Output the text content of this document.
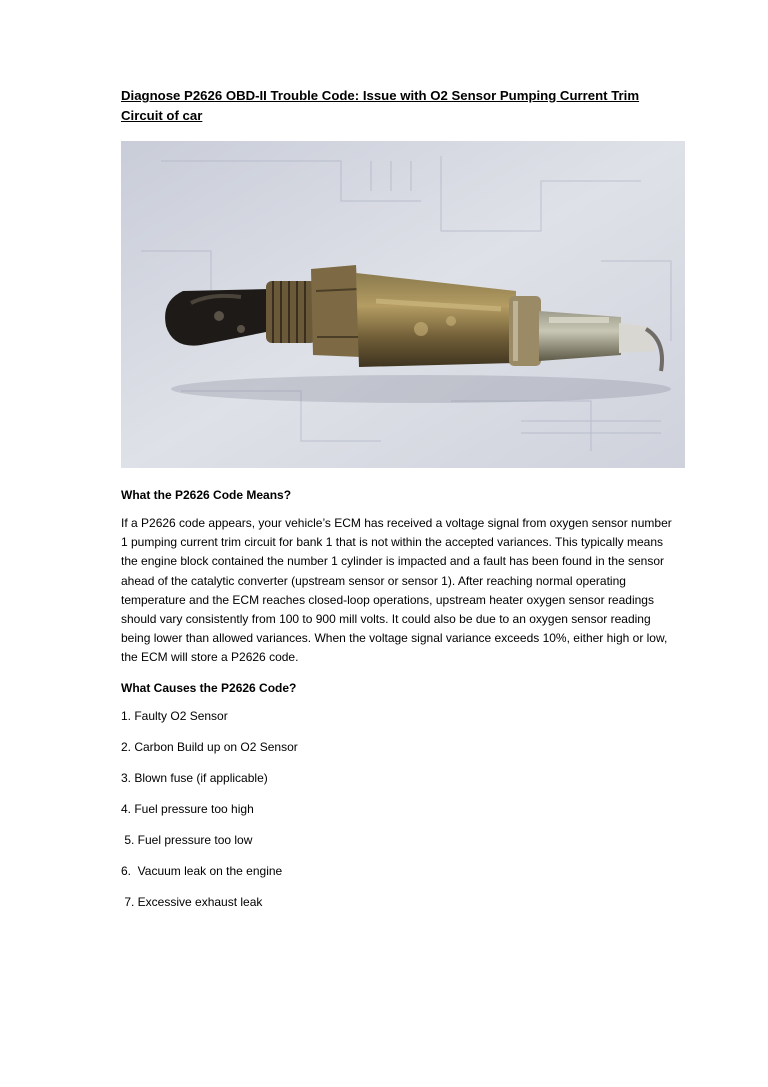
Diagnose P2626 OBD-II Trouble Code: Issue with O2 Sensor Pumping Current Trim Circuit of car
What the P2626 Code Means?

If a P2626 code appears, your vehicle’s ECM has received a voltage signal from oxygen sensor number 1 pumping current trim circuit for bank 1 that is not within the accepted variances. This typically means the engine block contained the number 1 cylinder is impacted and a fault has been found in the sensor ahead of the catalytic converter (upstream sensor or sensor 1). After reaching normal operating temperature and the ECM reaches closed-loop operations, upstream heater oxygen sensor readings should vary consistently from 100 to 900 mill volts. It could also be due to an oxygen sensor reading being lower than allowed variances. When the voltage signal variance exceeds 10%, either high or low, the ECM will store a P2626 code.

What Causes the P2626 Code?

1. Faulty O2 Sensor

2. Carbon Build up on O2 Sensor

3. Blown fuse (if applicable)

4. Fuel pressure too high

5. Fuel pressure too low

6.  Vacuum leak on the engine

7. Excessive exhaust leak
